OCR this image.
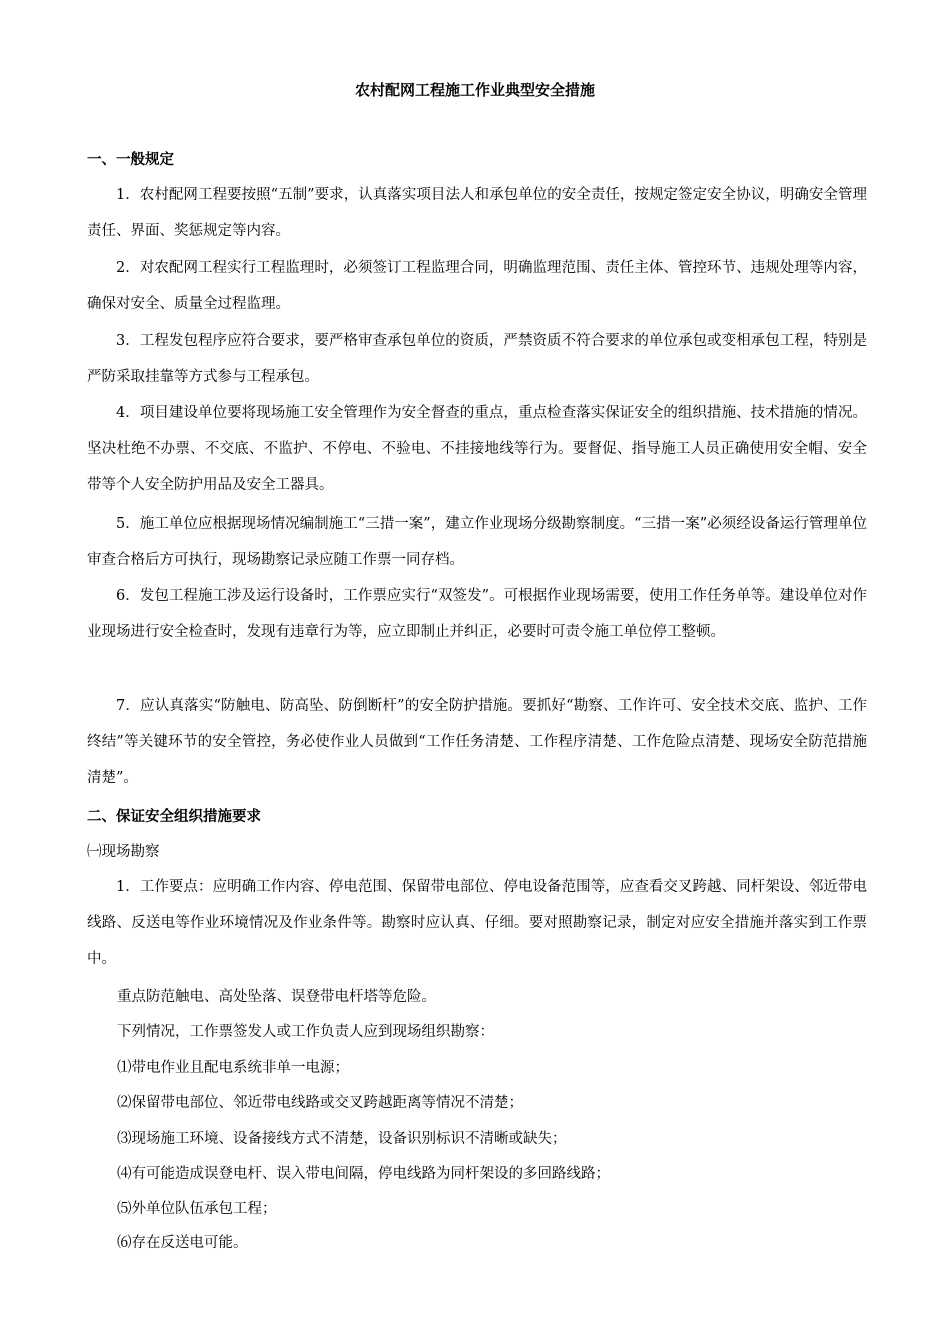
农村配网工程施工作业典型安全措施
一、一般规定

1．农村配网工程要按照“五制”要求，认真落实项目法人和承包单位的安全责任，按规定签定安全协议，明确安全管理责任、界面、奖惩规定等内容。

2．对农配网工程实行工程监理时，必须签订工程监理合同，明确监理范围、责任主体、管控环节、违规处理等内容，确保对安全、质量全过程监理。

3．工程发包程序应符合要求，要严格审查承包单位的资质，严禁资质不符合要求的单位承包或变相承包工程，特别是严防采取挂靠等方式参与工程承包。

4．项目建设单位要将现场施工安全管理作为安全督查的重点，重点检查落实保证安全的组织措施、技术措施的情况。坚决杜绝不办票、不交底、不监护、不停电、不验电、不挂接地线等行为。要督促、指导施工人员正确使用安全帽、安全带等个人安全防护用品及安全工器具。

5．施工单位应根据现场情况编制施工“三措一案”，建立作业现场分级勘察制度。“三措一案”必须经设备运行管理单位审查合格后方可执行，现场勘察记录应随工作票一同存档。

6．发包工程施工涉及运行设备时，工作票应实行“双签发”。可根据作业现场需要，使用工作任务单等。建设单位对作业现场进行安全检查时，发现有违章行为等，应立即制止并纠正，必要时可责令施工单位停工整顿。

7．应认真落实“防触电、防高坠、防倒断杆”的安全防护措施。要抓好“勘察、工作许可、安全技术交底、监护、工作终结”等关键环节的安全管控，务必使作业人员做到“工作任务清楚、工作程序清楚、工作危险点清楚、现场安全防范措施清楚”。

二、保证安全组织措施要求
㈠现场勘察

1．工作要点：应明确工作内容、停电范围、保留带电部位、停电设备范围等，应查看交叉跨越、同杆架设、邻近带电线路、反送电等作业环境情况及作业条件等。勘察时应认真、仔细。要对照勘察记录，制定对应安全措施并落实到工作票中。

重点防范触电、高处坠落、误登带电杆塔等危险。
下列情况，工作票签发人或工作负责人应到现场组织勘察：
⑴带电作业且配电系统非单一电源；
⑵保留带电部位、邻近带电线路或交叉跨越距离等情况不清楚；
⑶现场施工环境、设备接线方式不清楚，设备识别标识不清晰或缺失；
⑷有可能造成误登电杆、误入带电间隔，停电线路为同杆架设的多回路线路；
⑸外单位队伍承包工程；
⑹存在反送电可能。
